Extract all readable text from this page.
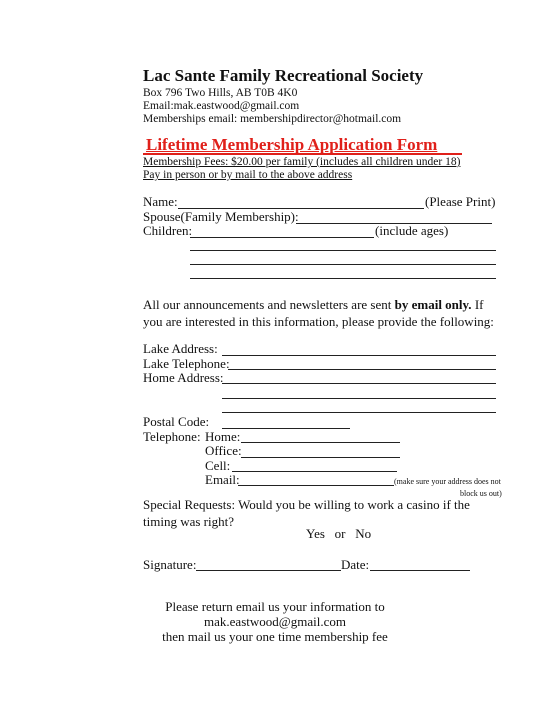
Lac Sante Family Recreational Society
Box 796 Two Hills, AB T0B 4K0
Email:mak.eastwood@gmail.com
Memberships email: membershipdirector@hotmail.com
Lifetime Membership Application Form
Membership Fees: $20.00 per family (includes all children under 18)
Pay in person or by mail to the above address
Name:	(Please Print)
Spouse(Family Membership):
Children:	(include ages)
All our announcements and newsletters are sent by email only. If you are interested in this information, please provide the following:
Lake Address:
Lake Telephone:
Home Address:
Postal Code:
Telephone: Home:
Office:
Cell:
Email:	(make sure your address does not
block us out)
Special Requests: Would you be willing to work a casino if the timing was right?
Yes   or   No
Signature:	Date:
Please return email us your information to
mak.eastwood@gmail.com
then mail us your one time membership fee
